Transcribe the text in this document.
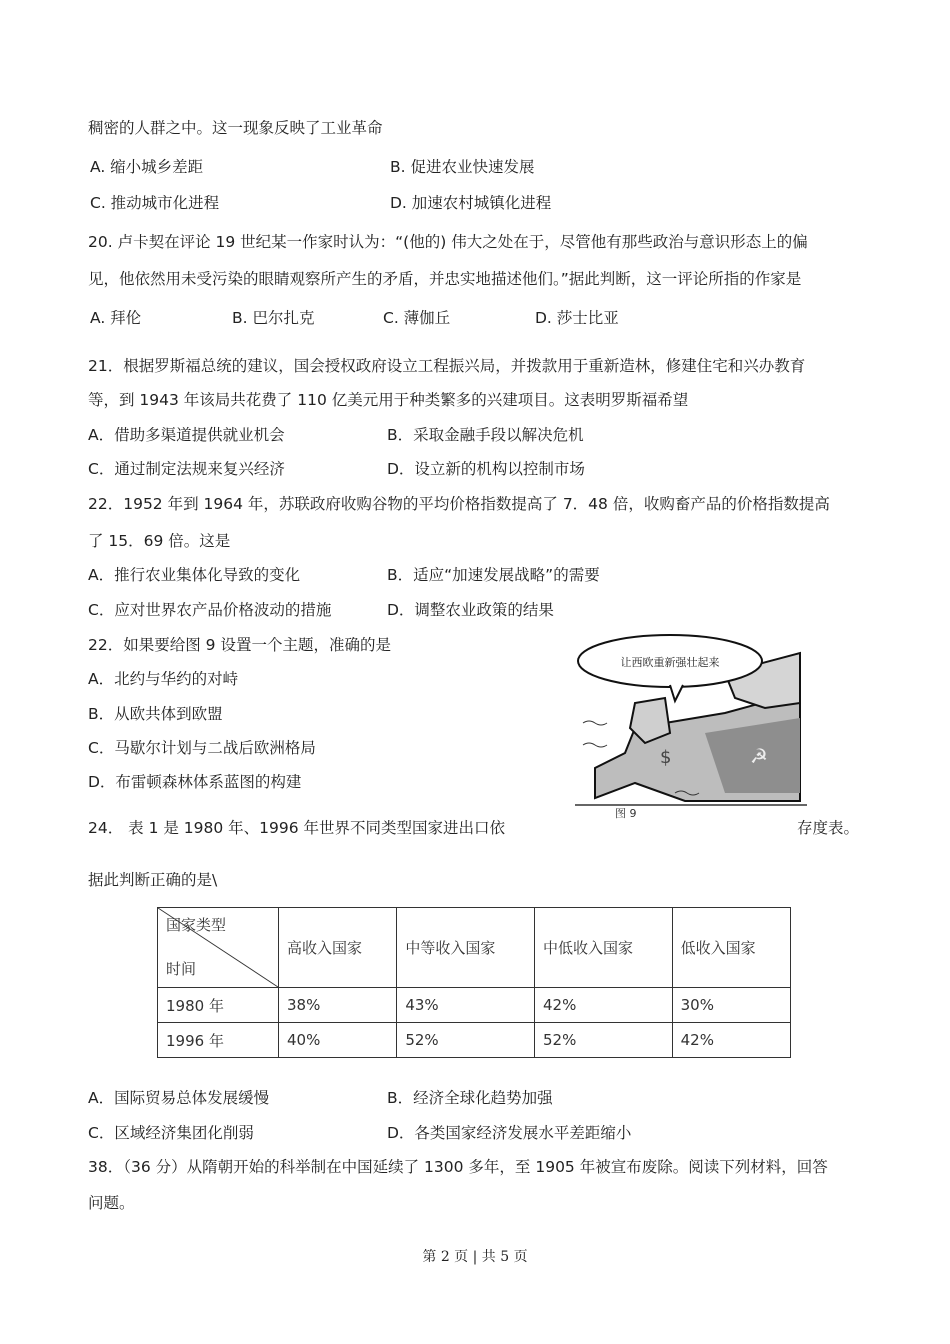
稠密的人群之中。这一现象反映了工业革命
A. 缩小城乡差距	B. 促进农业快速发展
C. 推动城市化进程	D. 加速农村城镇化进程
20. 卢卡契在评论 19 世纪某一作家时认为：“(他的) 伟大之处在于，尽管他有那些政治与意识形态上的偏
见，他依然用未受污染的眼睛观察所产生的矛盾，并忠实地描述他们。”据此判断，这一评论所指的作家是
A. 拜伦	B. 巴尔扎克	C. 薄伽丘	D. 莎士比亚
21．根据罗斯福总统的建议，国会授权政府设立工程振兴局，并拨款用于重新造林，修建住宅和兴办教育
等，到 1943 年该局共花费了 110 亿美元用于种类繁多的兴建项目。这表明罗斯福希望
A．借助多渠道提供就业机会	B．采取金融手段以解决危机
C．通过制定法规来复兴经济	D．设立新的机构以控制市场
22．1952 年到 1964 年，苏联政府收购谷物的平均价格指数提高了 7．48 倍，收购畜产品的价格指数提高
了 15．69 倍。这是
A．推行农业集体化导致的变化	B．适应“加速发展战略”的需要
C．应对世界农产品价格波动的措施	D．调整农业政策的结果
22．如果要给图 9 设置一个主题，准确的是
A．北约与华约的对峙
B．从欧共体到欧盟
C．马歇尔计划与二战后欧洲格局
D．布雷顿森林体系蓝图的构建
让西欧重新强壮起来
$	☭
图 9
24． 表 1 是 1980 年、1996 年世界不同类型国家进出口依	存度表。
据此判断正确的是\
国家类型
时间	高收入国家	中等收入国家	中低收入国家	低收入国家
1980 年	38%	43%	42%	30%
1996 年	40%	52%	52%	42%
A．国际贸易总体发展缓慢	B．经济全球化趋势加强
C．区域经济集团化削弱	D．各类国家经济发展水平差距缩小
38．（36 分）从隋朝开始的科举制在中国延续了 1300 多年，至 1905 年被宣布废除。阅读下列材料，回答
问题。
第 2 页 | 共 5 页
